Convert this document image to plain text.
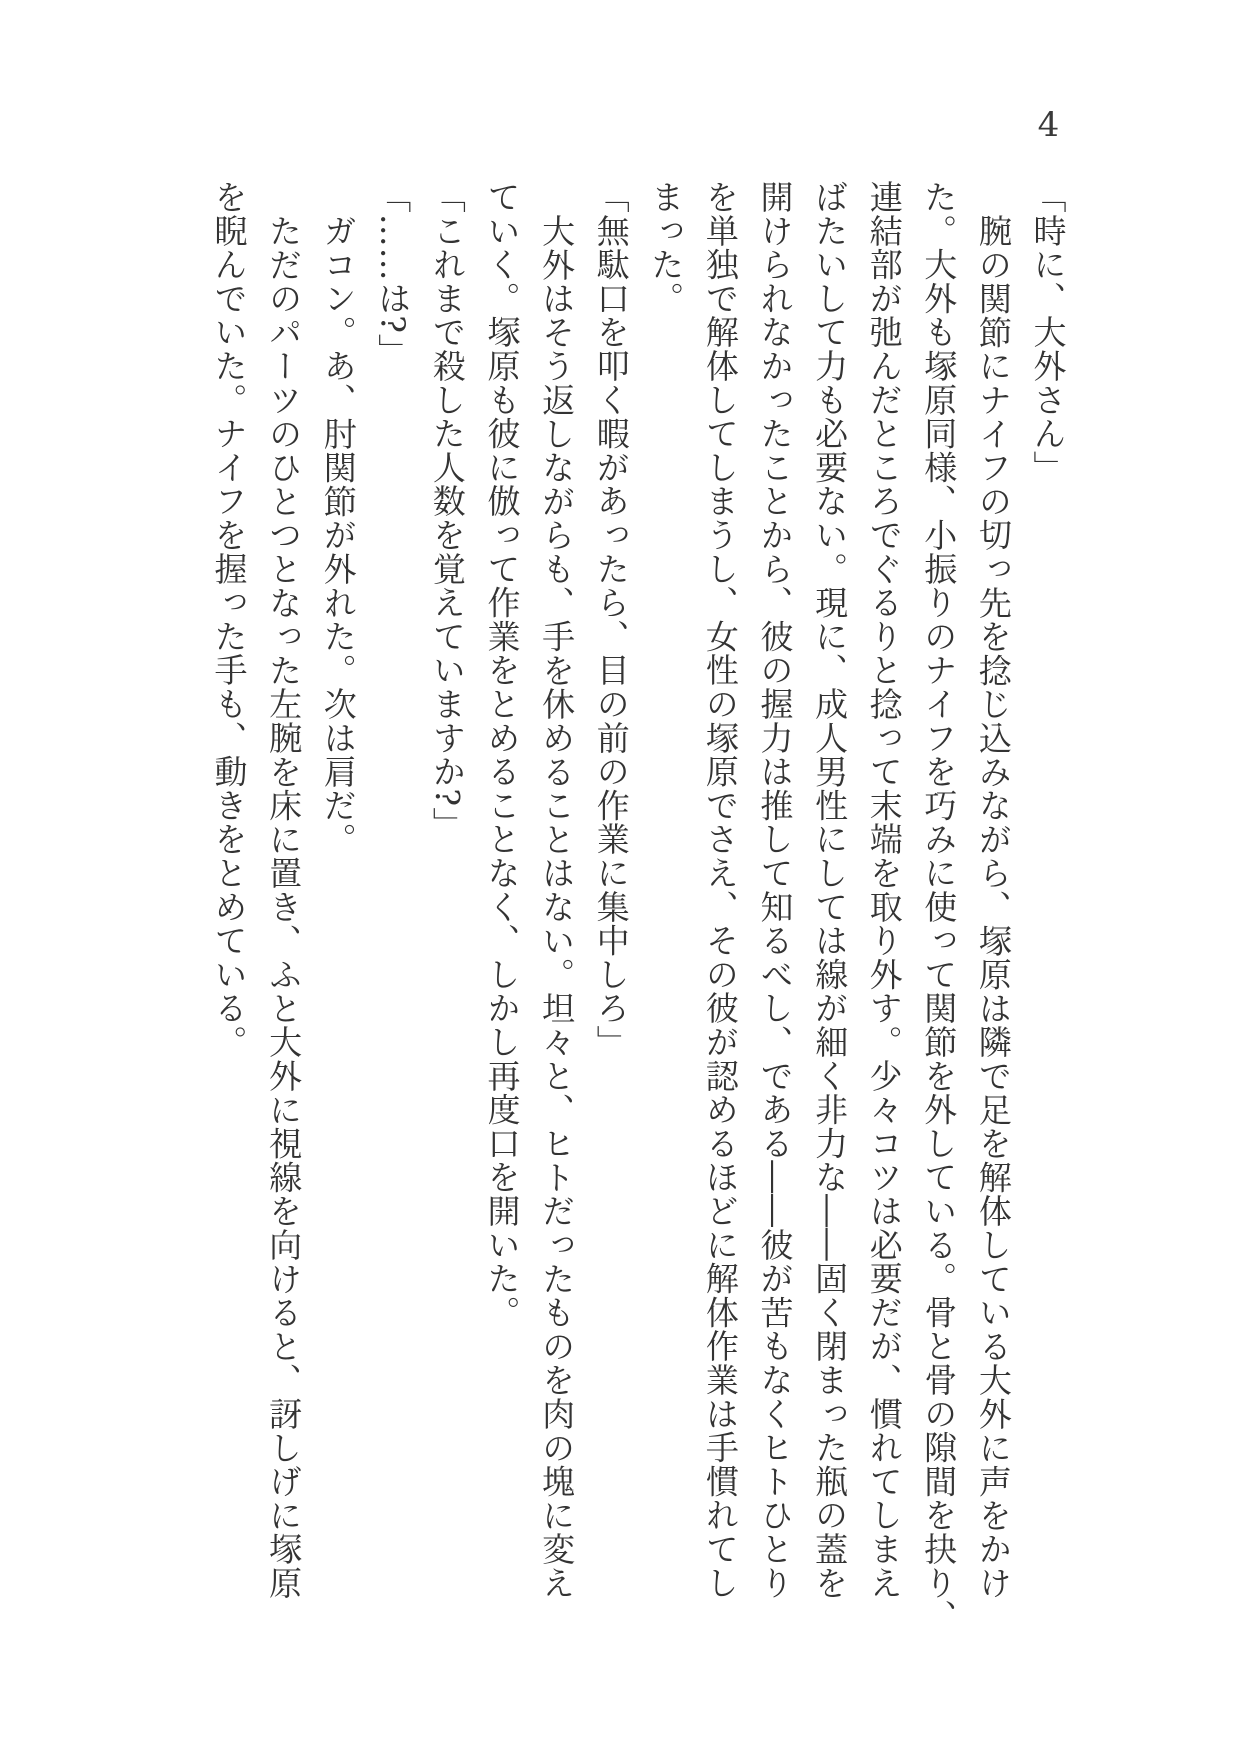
4
「時に、大外さん」
腕の関節にナイフの切っ先を捻じ込みながら、塚原は隣で足を解体している大外に声をかけ
た。大外も塚原同様、小振りのナイフを巧みに使って関節を外している。骨と骨の隙間を抉り、
連結部が弛んだところでぐるりと捻って末端を取り外す。少々コツは必要だが、慣れてしまえ
ばたいして力も必要ない。現に、成人男性にしては線が細く非力な――固く閉まった瓶の蓋を
開けられなかったことから、彼の握力は推して知るべし、である――彼が苦もなくヒトひとり
を単独で解体してしまうし、女性の塚原でさえ、その彼が認めるほどに解体作業は手慣れてし
まった。
「無駄口を叩く暇があったら、目の前の作業に集中しろ」
大外はそう返しながらも、手を休めることはない。坦々と、ヒトだったものを肉の塊に変え
ていく。塚原も彼に倣って作業をとめることなく、しかし再度口を開いた。
「これまで殺した人数を覚えていますか?」
「……は?」
ガコン。あ、肘関節が外れた。次は肩だ。
ただのパーツのひとつとなった左腕を床に置き、ふと大外に視線を向けると、訝しげに塚原
を睨んでいた。ナイフを握った手も、動きをとめている。
